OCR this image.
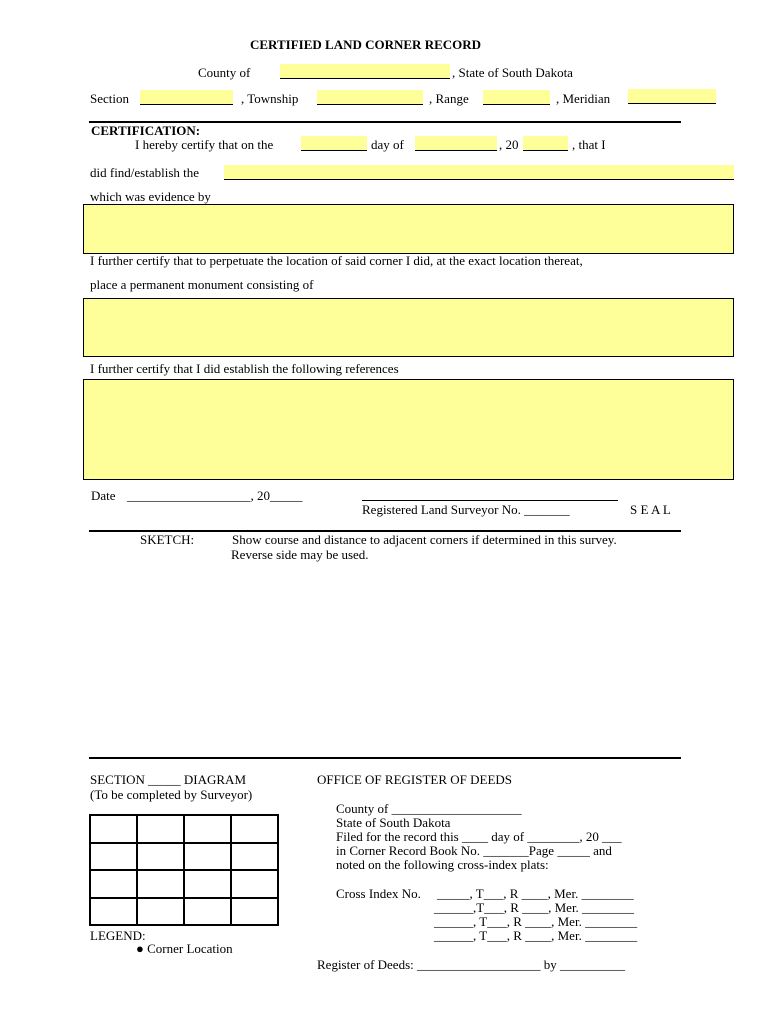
CERTIFIED LAND CORNER RECORD
County of	, State of South Dakota
Section	, Township	, Range	, Meridian
CERTIFICATION:
I hereby certify that on the	day of	, 20	, that I
did find/establish the
which was evidence by
I further certify that to perpetuate the location of said corner I did, at the exact location thereat,
place a permanent monument consisting of
I further certify that I did establish the following references
Date ___________________, 20_____
Registered Land Surveyor No. _______	S E A L
SKETCH:	Show course and distance to adjacent corners if determined in this survey.
Reverse side may be used.
SECTION _____ DIAGRAM
(To be completed by Surveyor)
LEGEND:
● Corner Location
OFFICE OF REGISTER OF DEEDS
County of ____________________
State of South Dakota
Filed for the record this ____ day of ________, 20 ___
in Corner Record Book No. _______Page _____ and
noted on the following cross-index plats:
Cross Index No. _____, T___, R ____, Mer. ________
______,T___, R ____, Mer. ________
______, T___, R ____, Mer. ________
______, T___, R ____, Mer. ________
Register of Deeds: ___________________ by __________
